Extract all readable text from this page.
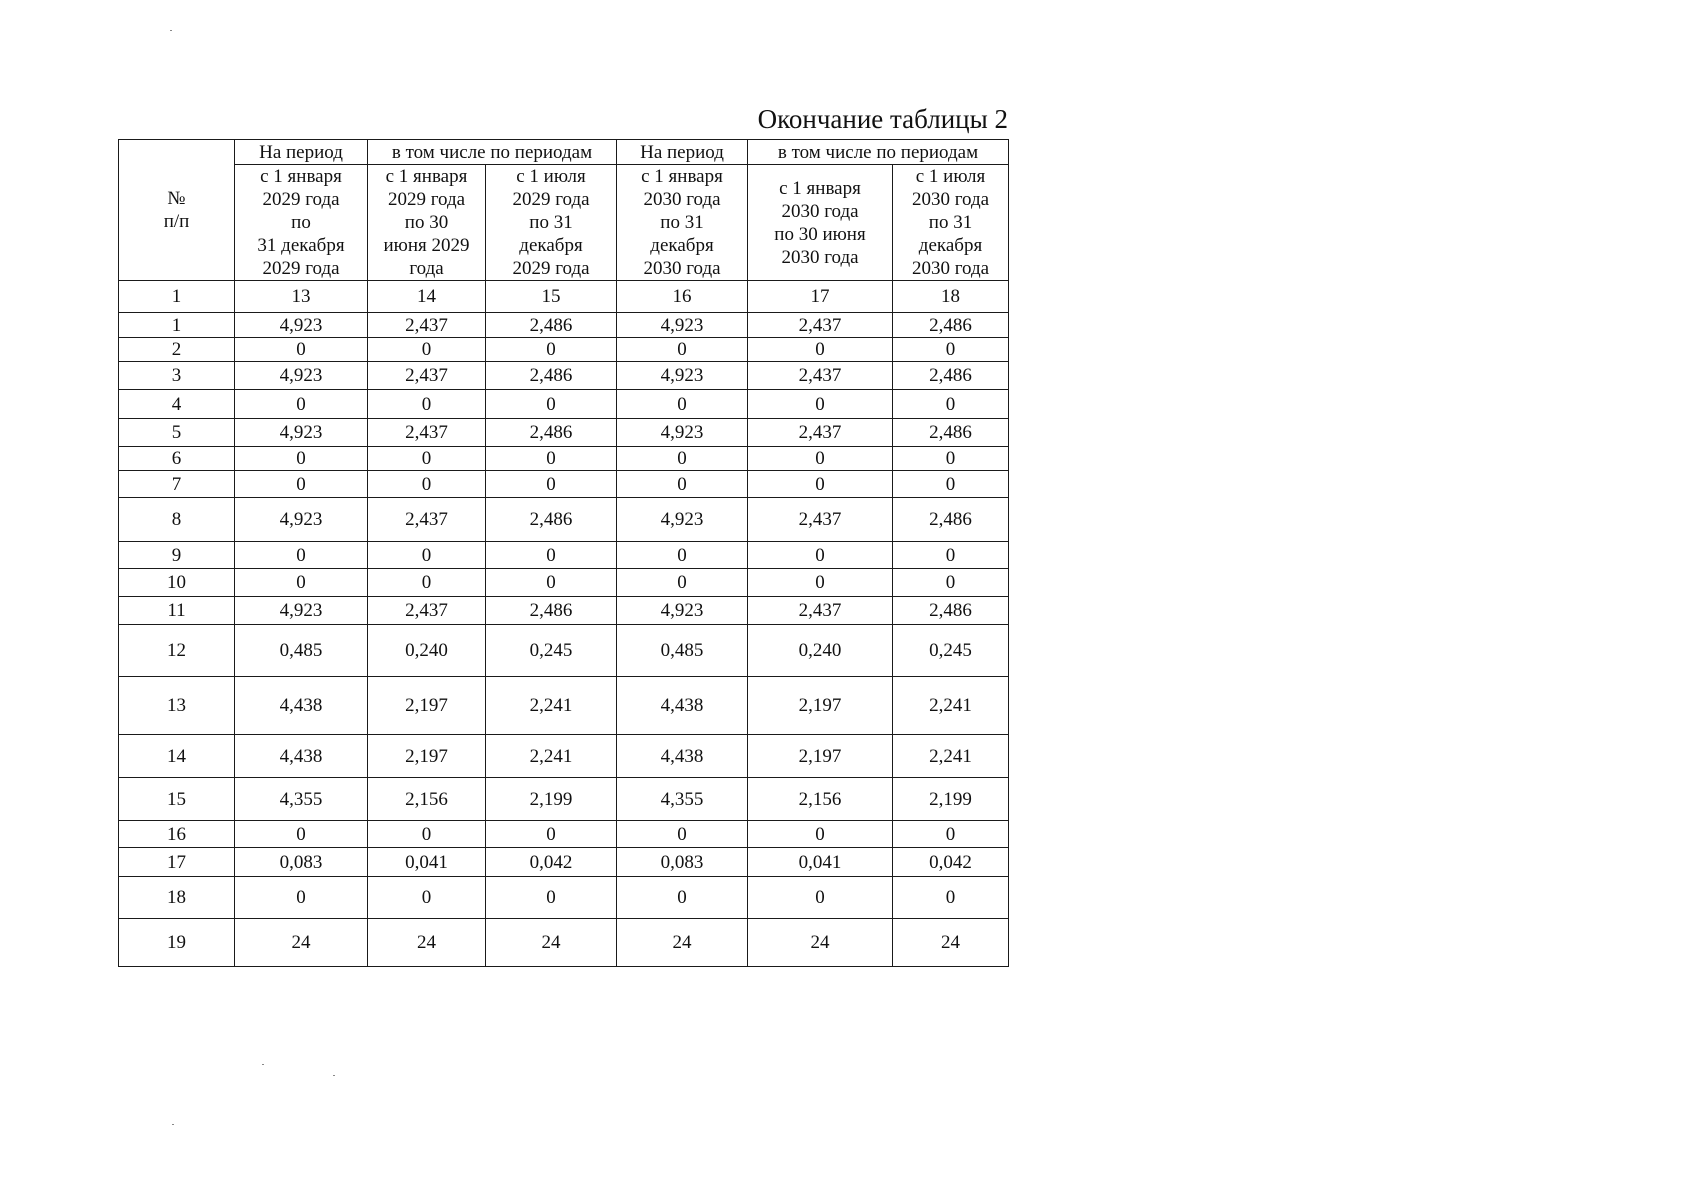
Окончание таблицы 2
№
п/п	На период	в том числе по периодам		На период	в том числе по периодам	

	с 1 января
2029 года
по
31 декабря
2029 года	с 1 января
2029 года
по 30
июня 2029
года	с 1 июля
2029 года
по 31
декабря
2029 года	с 1 января
2030 года
по 31
декабря
2030 года	с 1 января
2030 года
по 30 июня
2030 года	с 1 июля
2030 года
по 31
декабря
2030 года

1	13	14	15	16	17	18
1	4,923	2,437	2,486	4,923	2,437	2,486
2	0	0	0	0	0	0
3	4,923	2,437	2,486	4,923	2,437	2,486
4	0	0	0	0	0	0
5	4,923	2,437	2,486	4,923	2,437	2,486
6	0	0	0	0	0	0
7	0	0	0	0	0	0
8	4,923	2,437	2,486	4,923	2,437	2,486
9	0	0	0	0	0	0
10	0	0	0	0	0	0
11	4,923	2,437	2,486	4,923	2,437	2,486
12	0,485	0,240	0,245	0,485	0,240	0,245
13	4,438	2,197	2,241	4,438	2,197	2,241
14	4,438	2,197	2,241	4,438	2,197	2,241
15	4,355	2,156	2,199	4,355	2,156	2,199
16	0	0	0	0	0	0
17	0,083	0,041	0,042	0,083	0,041	0,042
18	0	0	0	0	0	0
19	24	24	24	24	24	24
